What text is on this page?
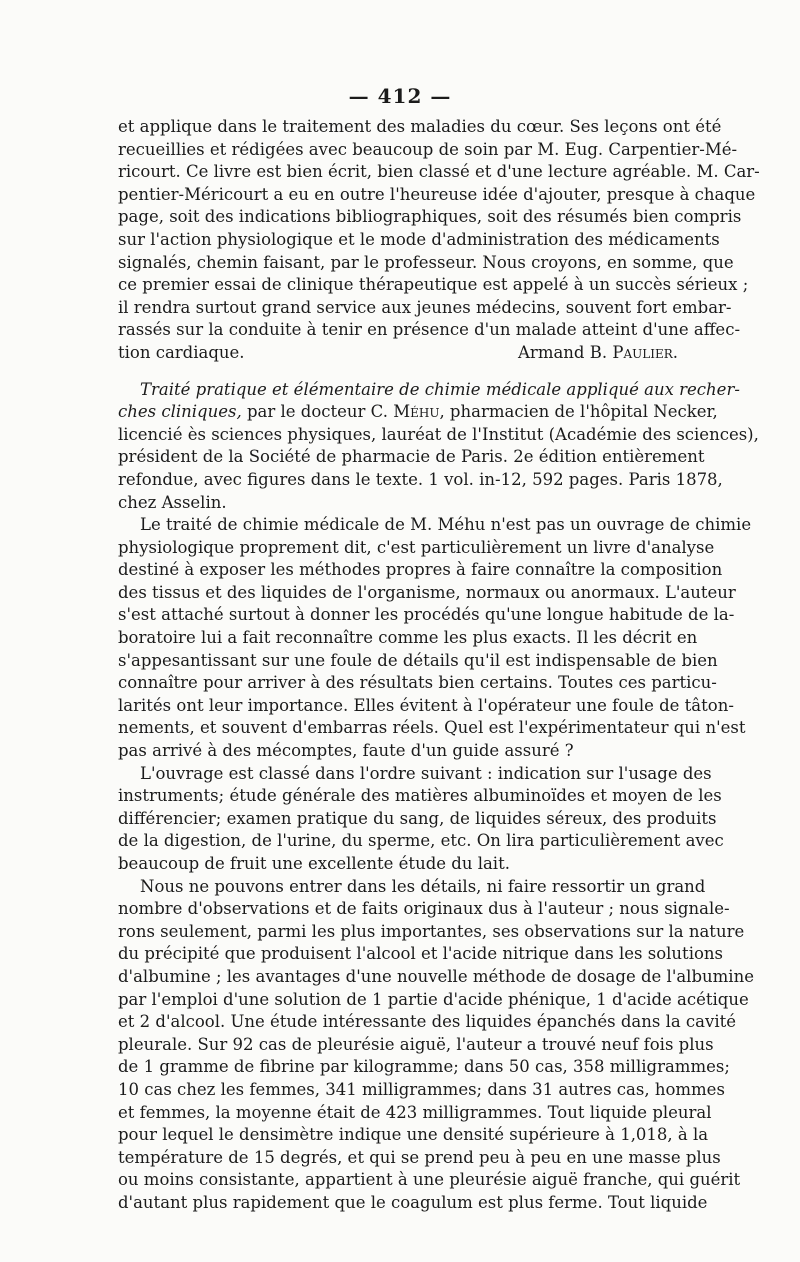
— 412 —
et applique dans le traitement des maladies du cœur. Ses leçons ont été
recueillies et rédigées avec beaucoup de soin par M. Eug. Carpentier-Mé-
ricourt. Ce livre est bien écrit, bien classé et d'une lecture agréable. M. Car-
pentier-Méricourt a eu en outre l'heureuse idée d'ajouter, presque à chaque
page, soit des indications bibliographiques, soit des résumés bien compris
sur l'action physiologique et le mode d'administration des médicaments
signalés, chemin faisant, par le professeur. Nous croyons, en somme, que
ce premier essai de clinique thérapeutique est appelé à un succès sérieux ;
il rendra surtout grand service aux jeunes médecins, souvent fort embar-
rassés sur la conduite à tenir en présence d'un malade atteint d'une affec-
tion cardiaque.	Armand B. Paulier.
Traité pratique et élémentaire de chimie médicale appliqué aux recher-
ches cliniques, par le docteur C. Méhu, pharmacien de l'hôpital Necker,
licencié ès sciences physiques, lauréat de l'Institut (Académie des sciences),
président de la Société de pharmacie de Paris. 2e édition entièrement
refondue, avec figures dans le texte. 1 vol. in-12, 592 pages. Paris 1878,
chez Asselin.
Le traité de chimie médicale de M. Méhu n'est pas un ouvrage de chimie
physiologique proprement dit, c'est particulièrement un livre d'analyse
destiné à exposer les méthodes propres à faire connaître la composition
des tissus et des liquides de l'organisme, normaux ou anormaux. L'auteur
s'est attaché surtout à donner les procédés qu'une longue habitude de la-
boratoire lui a fait reconnaître comme les plus exacts. Il les décrit en
s'appesantissant sur une foule de détails qu'il est indispensable de bien
connaître pour arriver à des résultats bien certains. Toutes ces particu-
larités ont leur importance. Elles évitent à l'opérateur une foule de tâton-
nements, et souvent d'embarras réels. Quel est l'expérimentateur qui n'est
pas arrivé à des mécomptes, faute d'un guide assuré ?
L'ouvrage est classé dans l'ordre suivant : indication sur l'usage des
instruments; étude générale des matières albuminoïdes et moyen de les
différencier; examen pratique du sang, de liquides séreux, des produits
de la digestion, de l'urine, du sperme, etc. On lira particulièrement avec
beaucoup de fruit une excellente étude du lait.
Nous ne pouvons entrer dans les détails, ni faire ressortir un grand
nombre d'observations et de faits originaux dus à l'auteur ; nous signale-
rons seulement, parmi les plus importantes, ses observations sur la nature
du précipité que produisent l'alcool et l'acide nitrique dans les solutions
d'albumine ; les avantages d'une nouvelle méthode de dosage de l'albumine
par l'emploi d'une solution de 1 partie d'acide phénique, 1 d'acide acétique
et 2 d'alcool. Une étude intéressante des liquides épanchés dans la cavité
pleurale. Sur 92 cas de pleurésie aiguë, l'auteur a trouvé neuf fois plus
de 1 gramme de fibrine par kilogramme; dans 50 cas, 358 milligrammes;
10 cas chez les femmes, 341 milligrammes; dans 31 autres cas, hommes
et femmes, la moyenne était de 423 milligrammes. Tout liquide pleural
pour lequel le densimètre indique une densité supérieure à 1,018, à la
température de 15 degrés, et qui se prend peu à peu en une masse plus
ou moins consistante, appartient à une pleurésie aiguë franche, qui guérit
d'autant plus rapidement que le coagulum est plus ferme. Tout liquide
